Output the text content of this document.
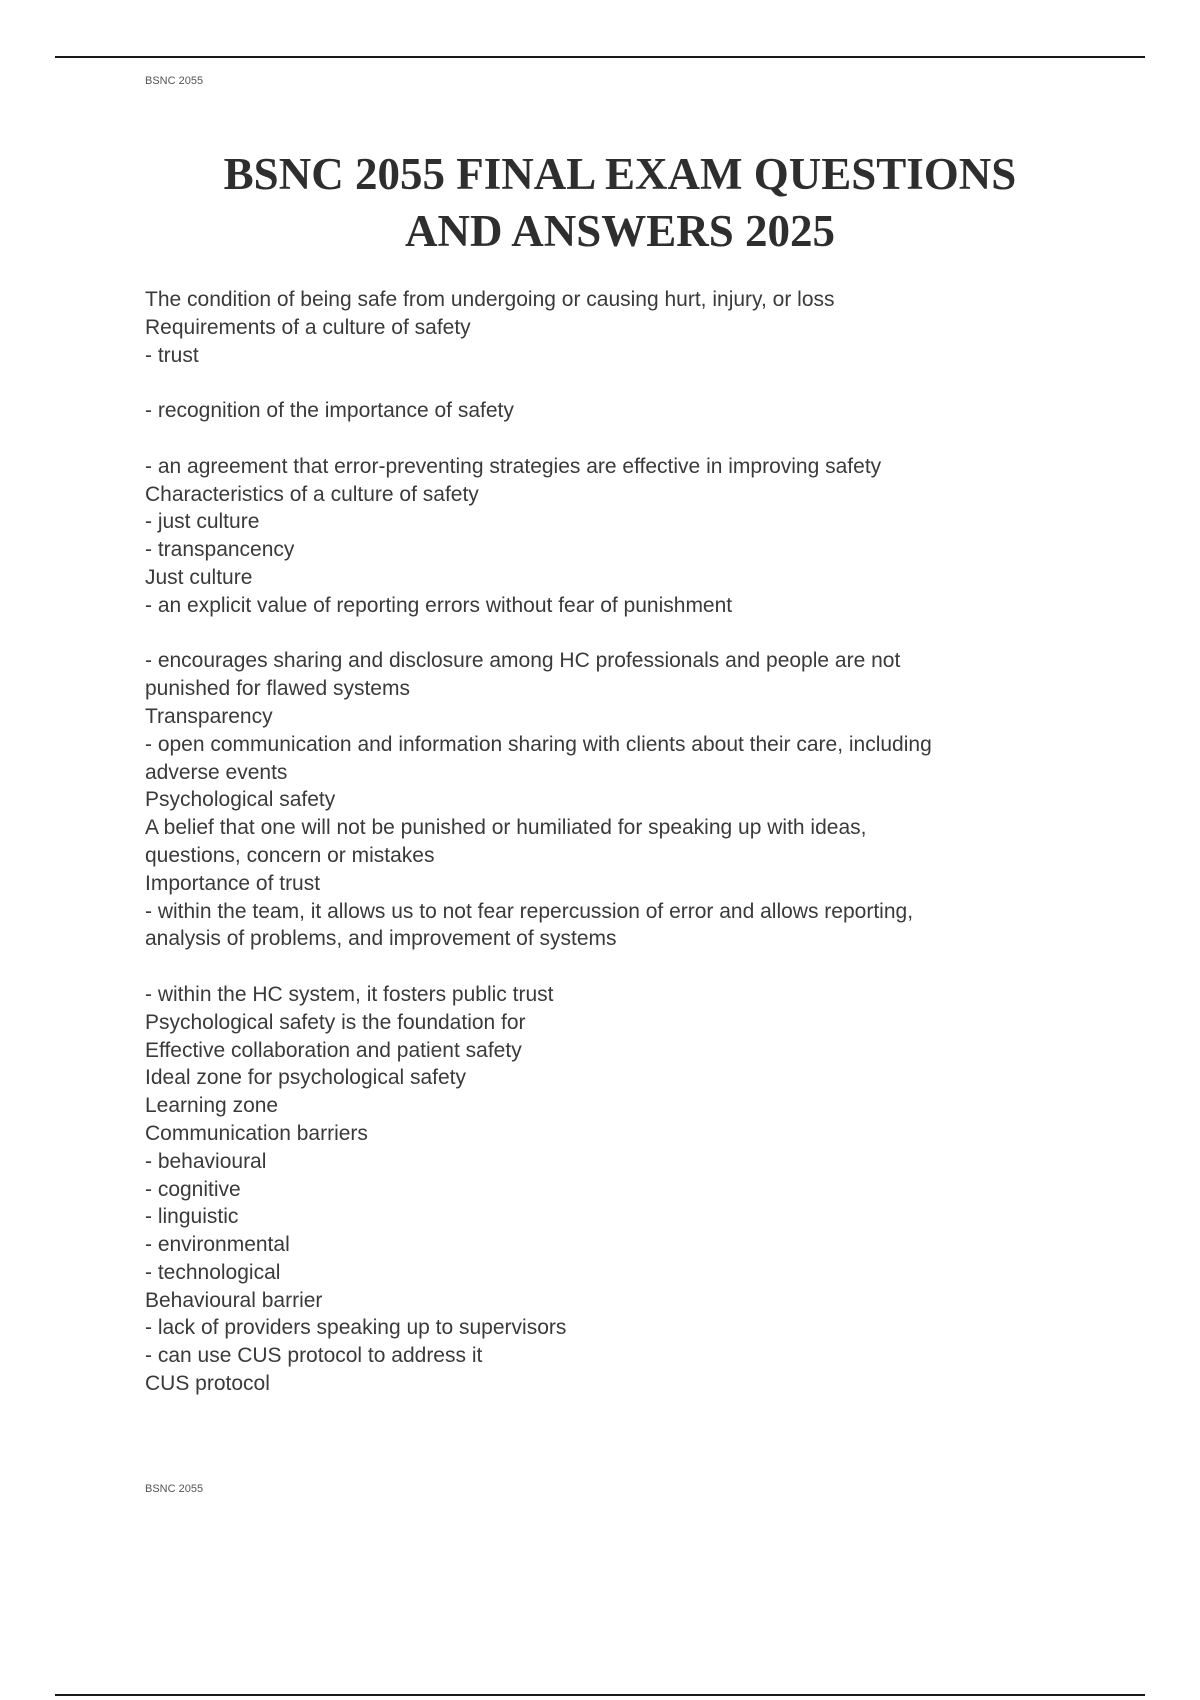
BSNC 2055
BSNC 2055 FINAL EXAM QUESTIONS
AND ANSWERS 2025
The condition of being safe from undergoing or causing hurt, injury, or loss
Requirements of a culture of safety
- trust
- recognition of the importance of safety
- an agreement that error-preventing strategies are effective in improving safety
Characteristics of a culture of safety
- just culture
- transpancency
Just culture
- an explicit value of reporting errors without fear of punishment
- encourages sharing and disclosure among HC professionals and people are not
punished for flawed systems
Transparency
- open communication and information sharing with clients about their care, including
adverse events
Psychological safety
A belief that one will not be punished or humiliated for speaking up with ideas,
questions, concern or mistakes
Importance of trust
- within the team, it allows us to not fear repercussion of error and allows reporting,
analysis of problems, and improvement of systems
- within the HC system, it fosters public trust
Psychological safety is the foundation for
Effective collaboration and patient safety
Ideal zone for psychological safety
Learning zone
Communication barriers
- behavioural
- cognitive
- linguistic
- environmental
- technological
Behavioural barrier
- lack of providers speaking up to supervisors
- can use CUS protocol to address it
CUS protocol
BSNC 2055
